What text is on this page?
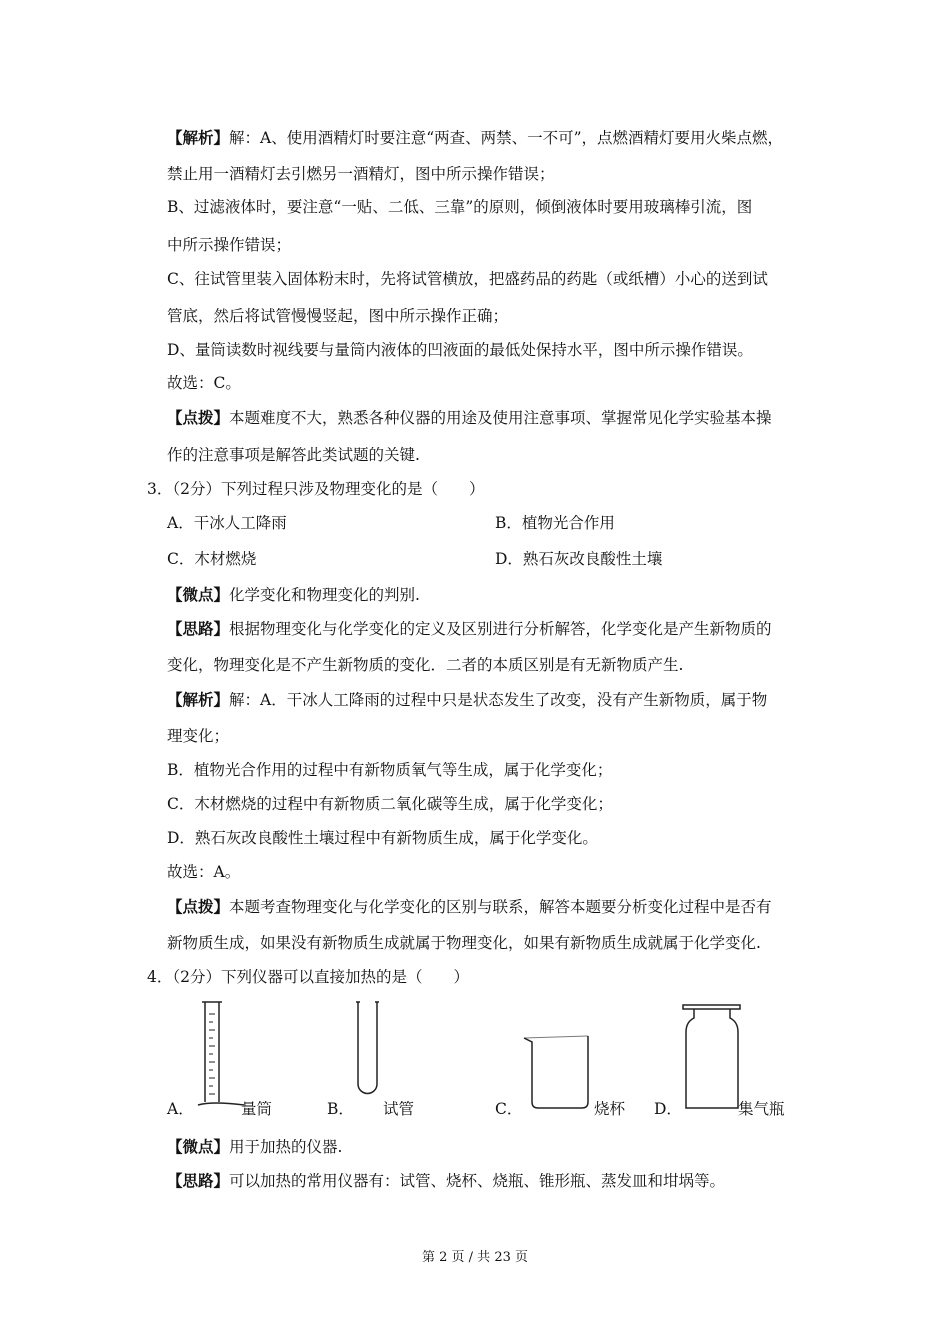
【解析】解：A、使用酒精灯时要注意“两查、两禁、一不可”，点燃酒精灯要用火柴点燃，
禁止用一酒精灯去引燃另一酒精灯，图中所示操作错误；
B、过滤液体时，要注意“一贴、二低、三靠”的原则，倾倒液体时要用玻璃棒引流，图
中所示操作错误；
C、往试管里装入固体粉末时，先将试管横放，把盛药品的药匙（或纸槽）小心的送到试
管底，然后将试管慢慢竖起，图中所示操作正确；
D、量筒读数时视线要与量筒内液体的凹液面的最低处保持水平，图中所示操作错误。
故选：C。
【点拨】本题难度不大，熟悉各种仪器的用途及使用注意事项、掌握常见化学实验基本操
作的注意事项是解答此类试题的关键.
3．（2分）下列过程只涉及物理变化的是（　　）
A．干冰人工降雨	B．植物光合作用
C．木材燃烧	D．熟石灰改良酸性土壤
【微点】化学变化和物理变化的判别.
【思路】根据物理变化与化学变化的定义及区别进行分析解答，化学变化是产生新物质的
变化，物理变化是不产生新物质的变化．二者的本质区别是有无新物质产生.
【解析】解：A．干冰人工降雨的过程中只是状态发生了改变，没有产生新物质，属于物
理变化；
B．植物光合作用的过程中有新物质氧气等生成，属于化学变化；
C．木材燃烧的过程中有新物质二氧化碳等生成，属于化学变化；
D．熟石灰改良酸性土壤过程中有新物质生成，属于化学变化。
故选：A。
【点拨】本题考查物理变化与化学变化的区别与联系，解答本题要分析变化过程中是否有
新物质生成，如果没有新物质生成就属于物理变化，如果有新物质生成就属于化学变化.
4．（2分）下列仪器可以直接加热的是（　　）
A．	量筒	B． 试管	C．	烧杯 D．	集气瓶
【微点】用于加热的仪器.
【思路】可以加热的常用仪器有：试管、烧杯、烧瓶、锥形瓶、蒸发皿和坩埚等。
第 2 页 / 共 23 页
